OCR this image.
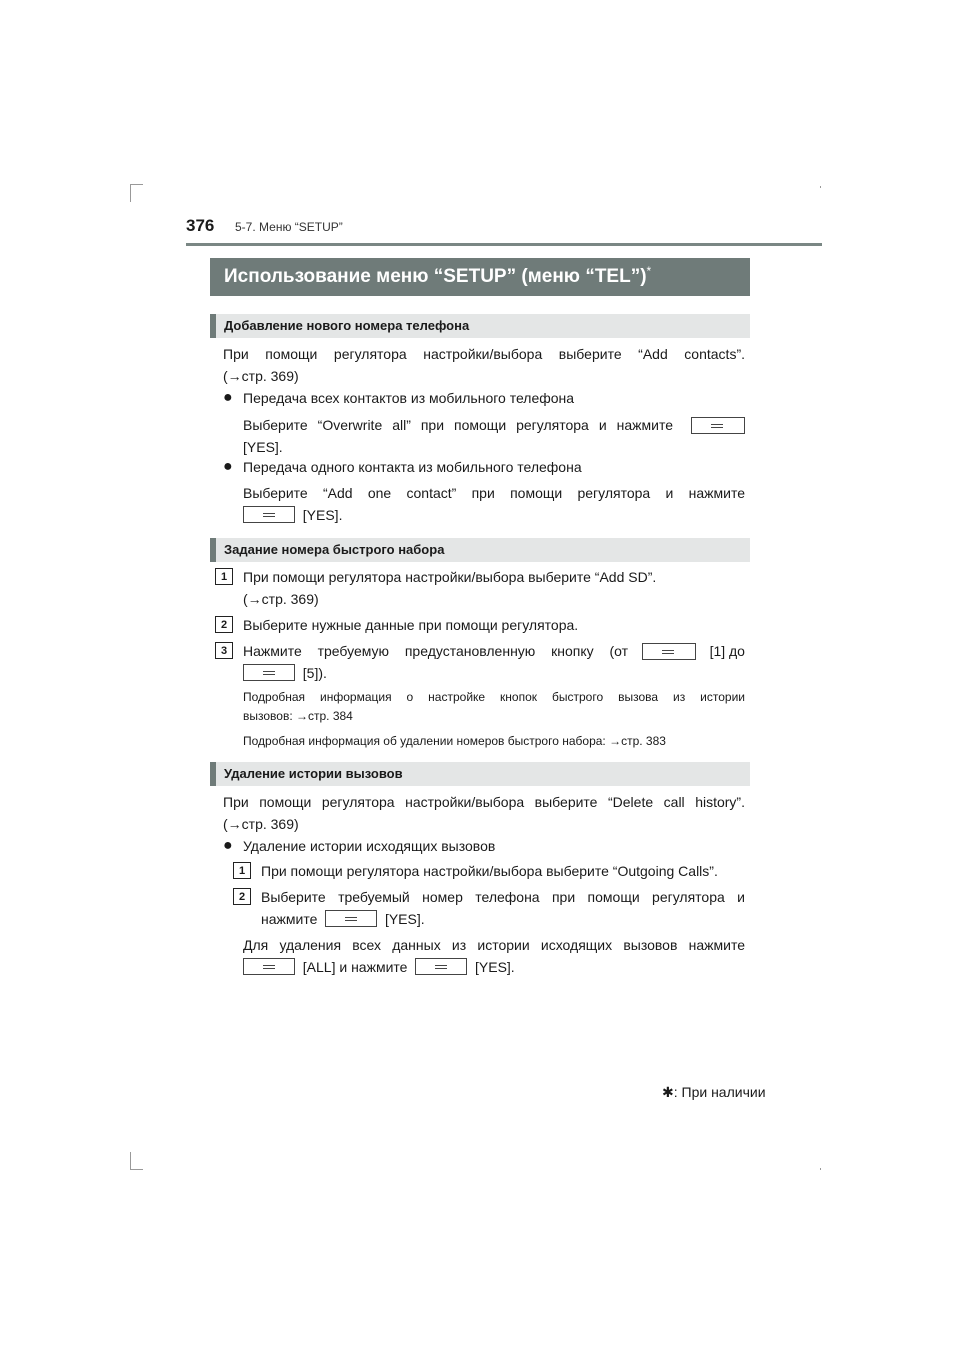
376 5-7. Меню “SETUP”
Использование меню “SETUP” (меню “TEL”)*
Добавление нового номера телефона
При помощи регулятора настройки/выбора выберите “Add contacts”.
(→стр. 369)
● Передача всех контактов из мобильного телефона
Выберите “Overwrite all” при помощи регулятора и нажмите
[YES].
● Передача одного контакта из мобильного телефона
Выберите “Add one contact” при помощи регулятора и нажмите
[YES].
Задание номера быстрого набора
1	При помощи регулятора настройки/выбора выберите “Add SD”.
(→стр. 369)
2	Выберите нужные данные при помощи регулятора.
3	Нажмите требуемую предустановленную кнопку (от	[1] до
[5]).
Подробная информация о настройке кнопок быстрого вызова из истории
вызовов: →стр. 384
Подробная информация об удалении номеров быстрого набора: →стр. 383
Удаление истории вызовов
При помощи регулятора настройки/выбора выберите “Delete call history”.
(→стр. 369)
● Удаление истории исходящих вызовов
1	При помощи регулятора настройки/выбора выберите “Outgoing Calls”.
2	Выберите требуемый номер телефона при помощи регулятора и
нажмите	[YES].
Для удаления всех данных из истории исходящих вызовов нажмите
[ALL] и нажмите	[YES].
✱: При наличии
